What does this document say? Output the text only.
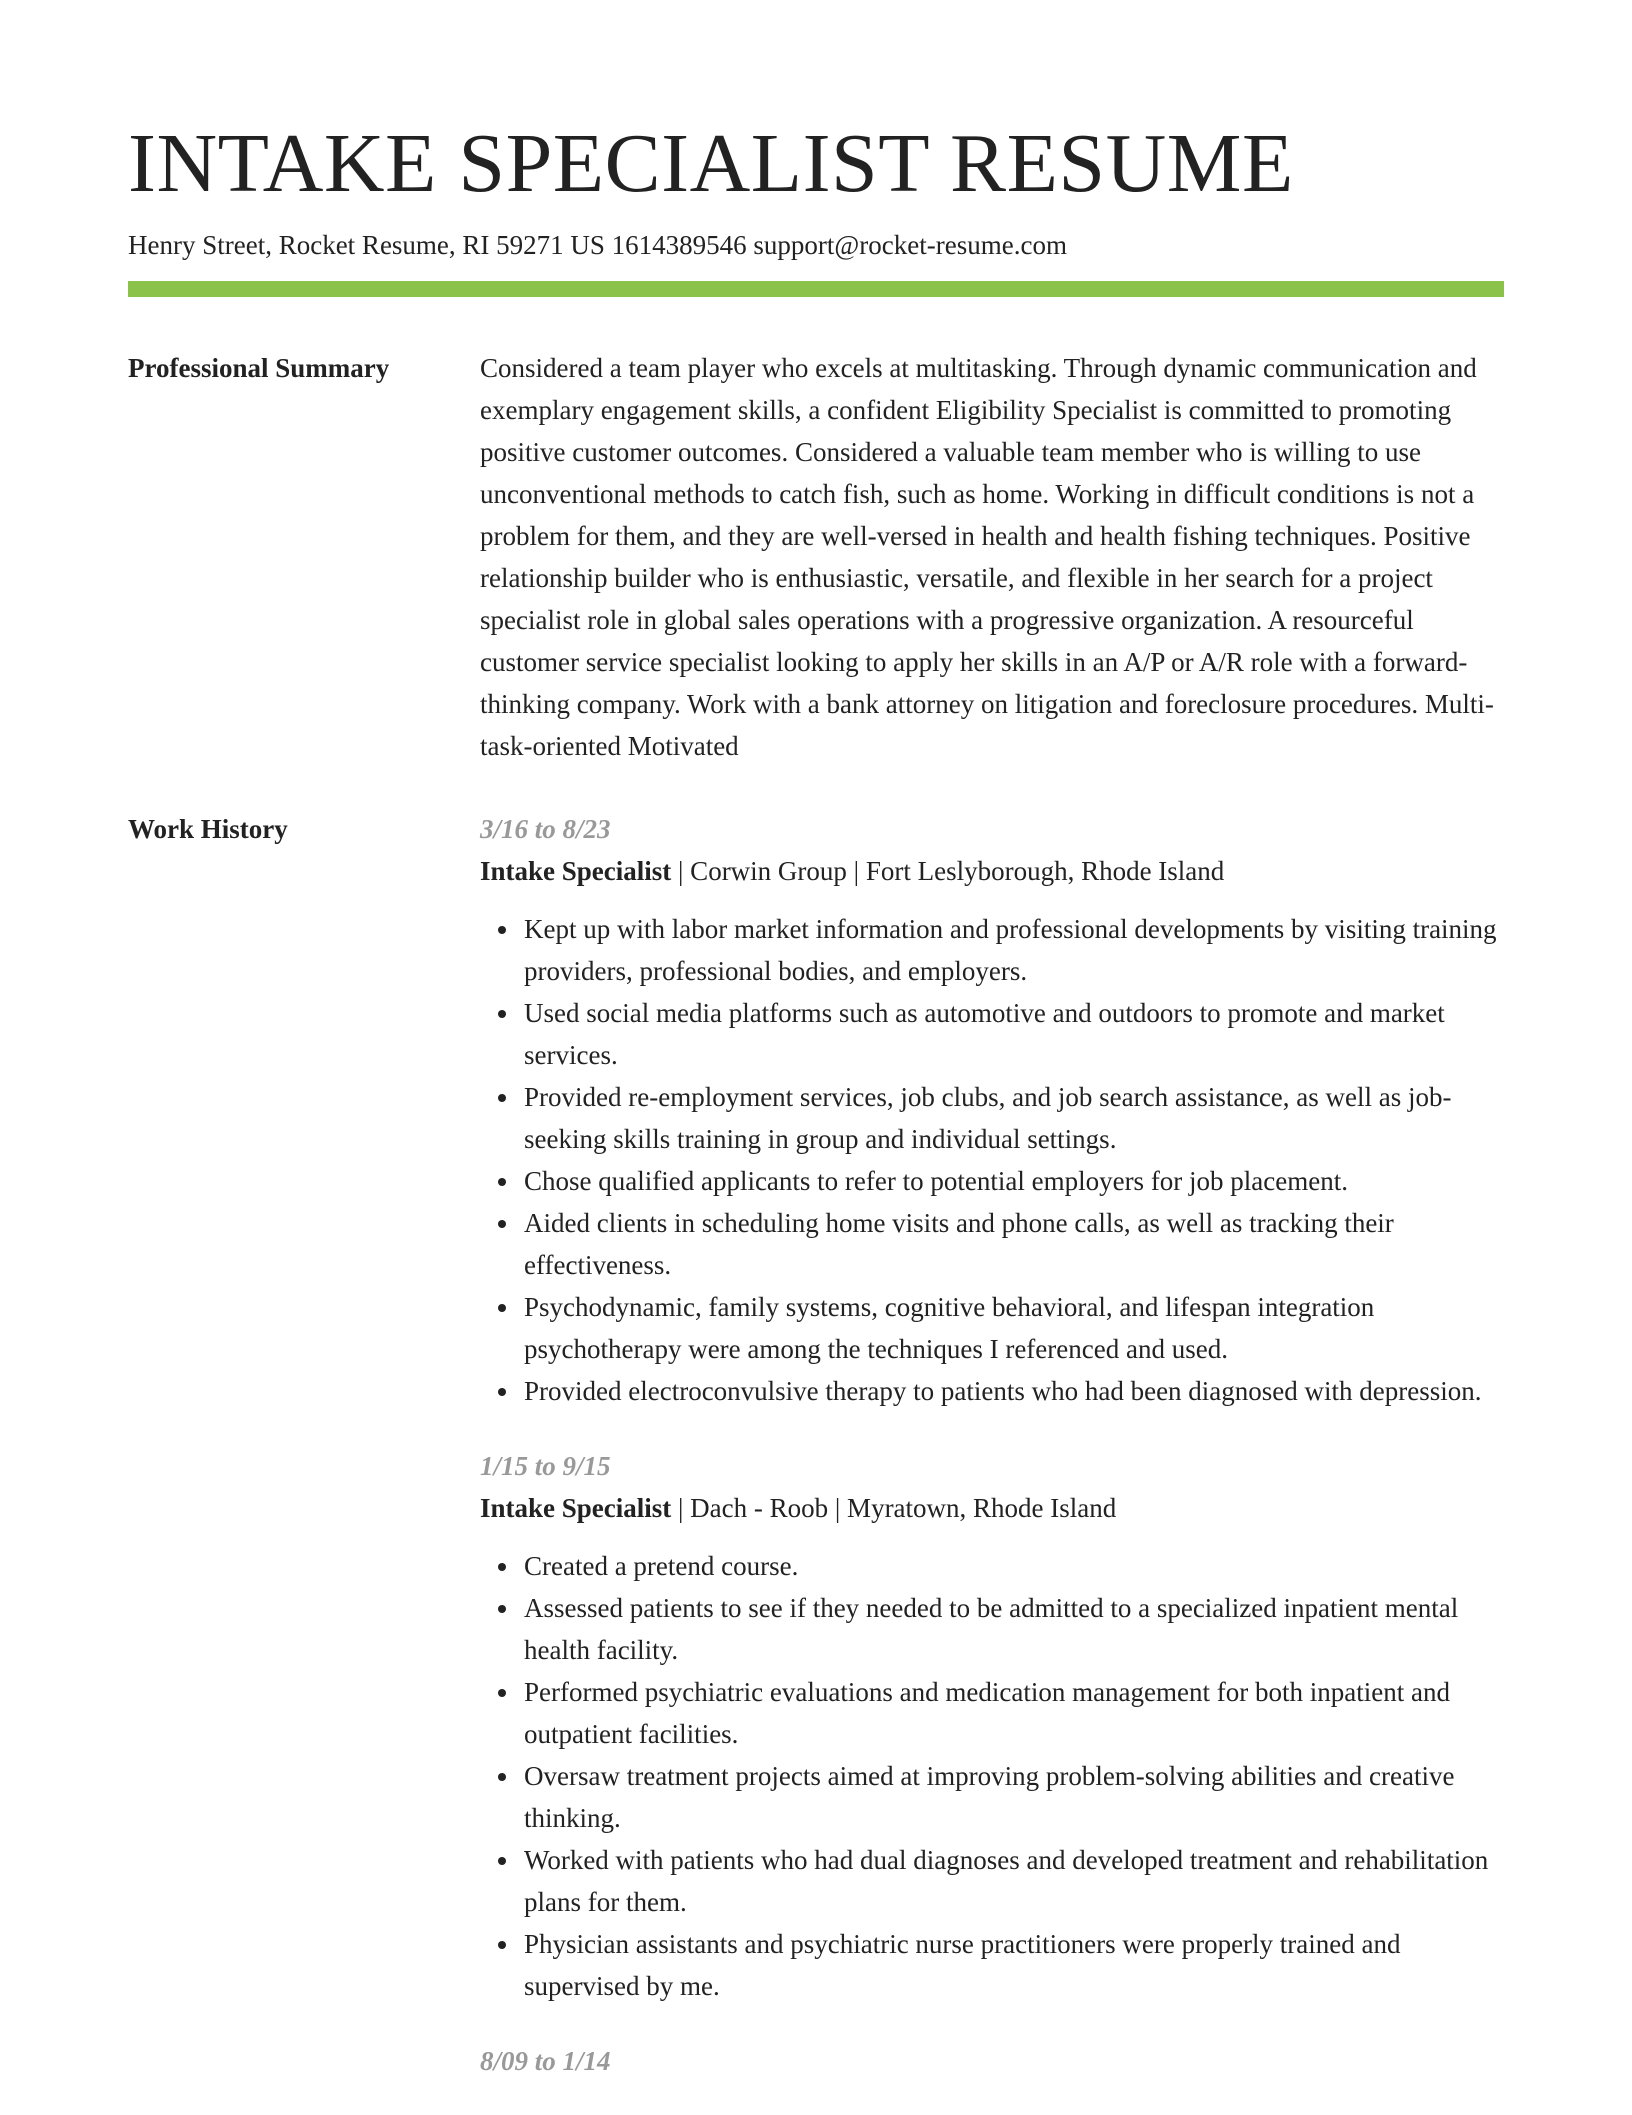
INTAKE SPECIALIST RESUME
Henry Street, Rocket Resume, RI 59271 US 1614389546 support@rocket-resume.com
Professional Summary	Considered a team player who excels at multitasking. Through dynamic communication and exemplary engagement skills, a confident Eligibility Specialist is committed to promoting positive customer outcomes. Considered a valuable team member who is willing to use unconventional methods to catch fish, such as home. Working in difficult conditions is not a problem for them, and they are well-versed in health and health fishing techniques. Positive relationship builder who is enthusiastic, versatile, and flexible in her search for a project specialist role in global sales operations with a progressive organization. A resourceful customer service specialist looking to apply her skills in an A/P or A/R role with a forward-thinking company. Work with a bank attorney on litigation and foreclosure procedures. Multi-task-oriented Motivated

Work History	3/16 to 8/23
Intake Specialist | Corwin Group | Fort Leslyborough, Rhode Island
Kept up with labor market information and professional developments by visiting training providers, professional bodies, and employers.
Used social media platforms such as automotive and outdoors to promote and market services.
Provided re-employment services, job clubs, and job search assistance, as well as job-seeking skills training in group and individual settings.
Chose qualified applicants to refer to potential employers for job placement.
Aided clients in scheduling home visits and phone calls, as well as tracking their effectiveness.
Psychodynamic, family systems, cognitive behavioral, and lifespan integration psychotherapy were among the techniques I referenced and used.
Provided electroconvulsive therapy to patients who had been diagnosed with depression.
1/15 to 9/15
Intake Specialist | Dach - Roob | Myratown, Rhode Island
Created a pretend course.
Assessed patients to see if they needed to be admitted to a specialized inpatient mental health facility.
Performed psychiatric evaluations and medication management for both inpatient and outpatient facilities.
Oversaw treatment projects aimed at improving problem-solving abilities and creative thinking.
Worked with patients who had dual diagnoses and developed treatment and rehabilitation plans for them.
Physician assistants and psychiatric nurse practitioners were properly trained and supervised by me.
8/09 to 1/14
